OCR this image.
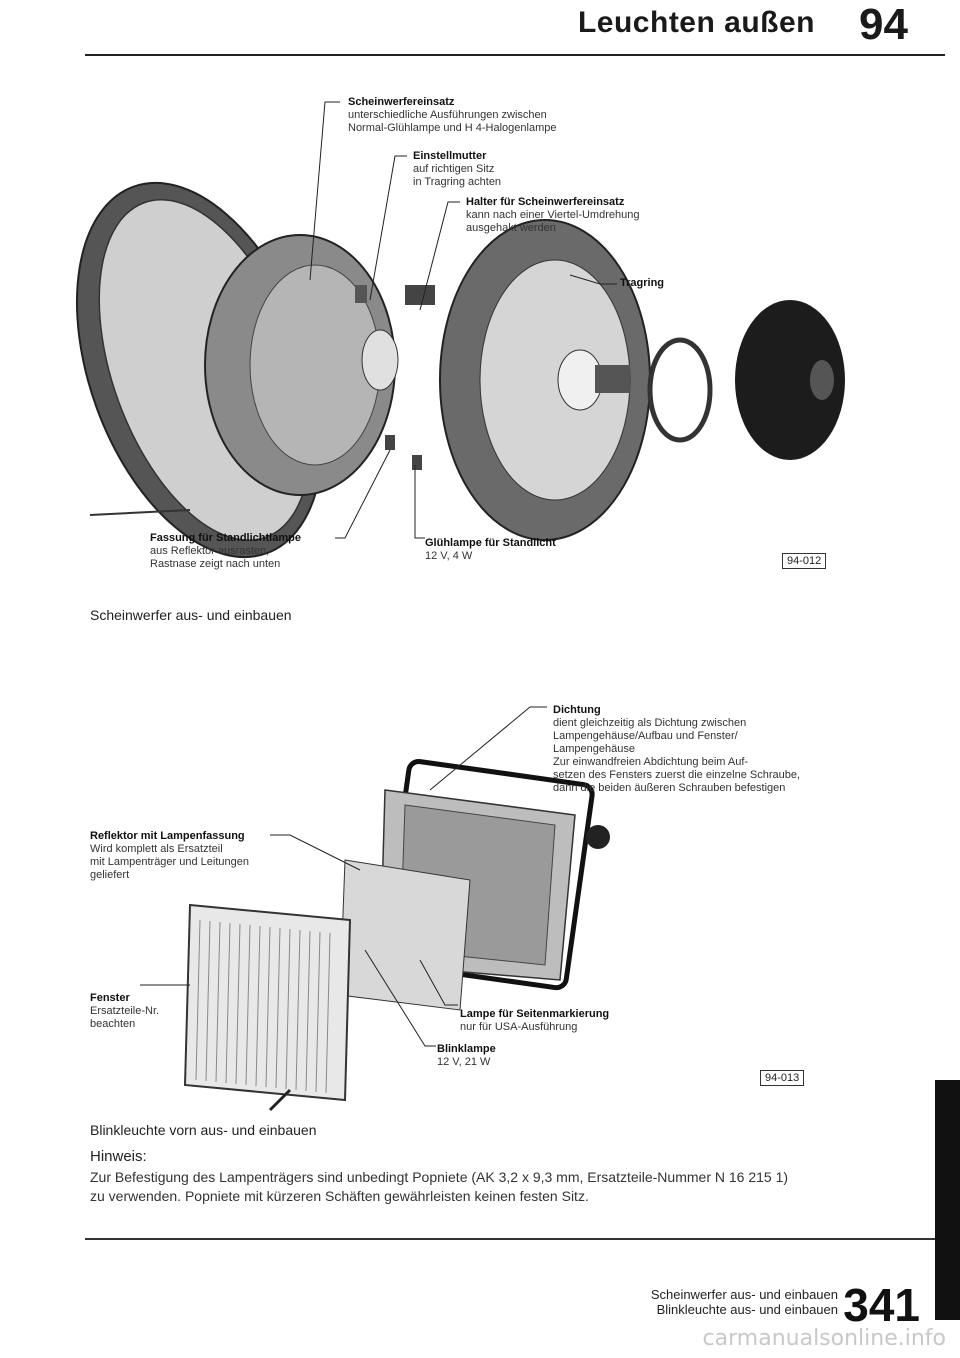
Leuchten außen 94
Scheinwerfereinsatz
unterschiedliche Ausführungen zwischen
Normal-Glühlampe und H 4-Halogenlampe
Einstellmutter
auf richtigen Sitz
in Tragring achten
Halter für Scheinwerfereinsatz
kann nach einer Viertel-Umdrehung
ausgehakt werden
Tragring
Fassung für Standlichtlampe
aus Reflektor ausrasten,
Rastnase zeigt nach unten
Glühlampe für Standlicht
12 V, 4 W	94-012
Scheinwerfer aus- und einbauen
Dichtung
dient gleichzeitig als Dichtung zwischen
Lampengehäuse/Aufbau und Fenster/
Lampengehäuse
Zur einwandfreien Abdichtung beim Auf-
setzen des Fensters zuerst die einzelne Schraube,
dann die beiden äußeren Schrauben befestigen
Reflektor mit Lampenfassung
Wird komplett als Ersatzteil
mit Lampenträger und Leitungen
geliefert
Fenster
Ersatzteile-Nr.
beachten
Lampe für Seitenmarkierung
nur für USA-Ausführung
Blinklampe
12 V, 21 W
94-013
Blinkleuchte vorn aus- und einbauen
Hinweis:
Zur Befestigung des Lampenträgers sind unbedingt Popniete (AK 3,2 x 9,3 mm, Ersatzteile-Nummer N 16 215 1)
zu verwenden. Popniete mit kürzeren Schäften gewährleisten keinen festen Sitz.
Scheinwerfer aus- und einbauen
Blinkleuchte aus- und einbauen 341
carmanualsonline.info
